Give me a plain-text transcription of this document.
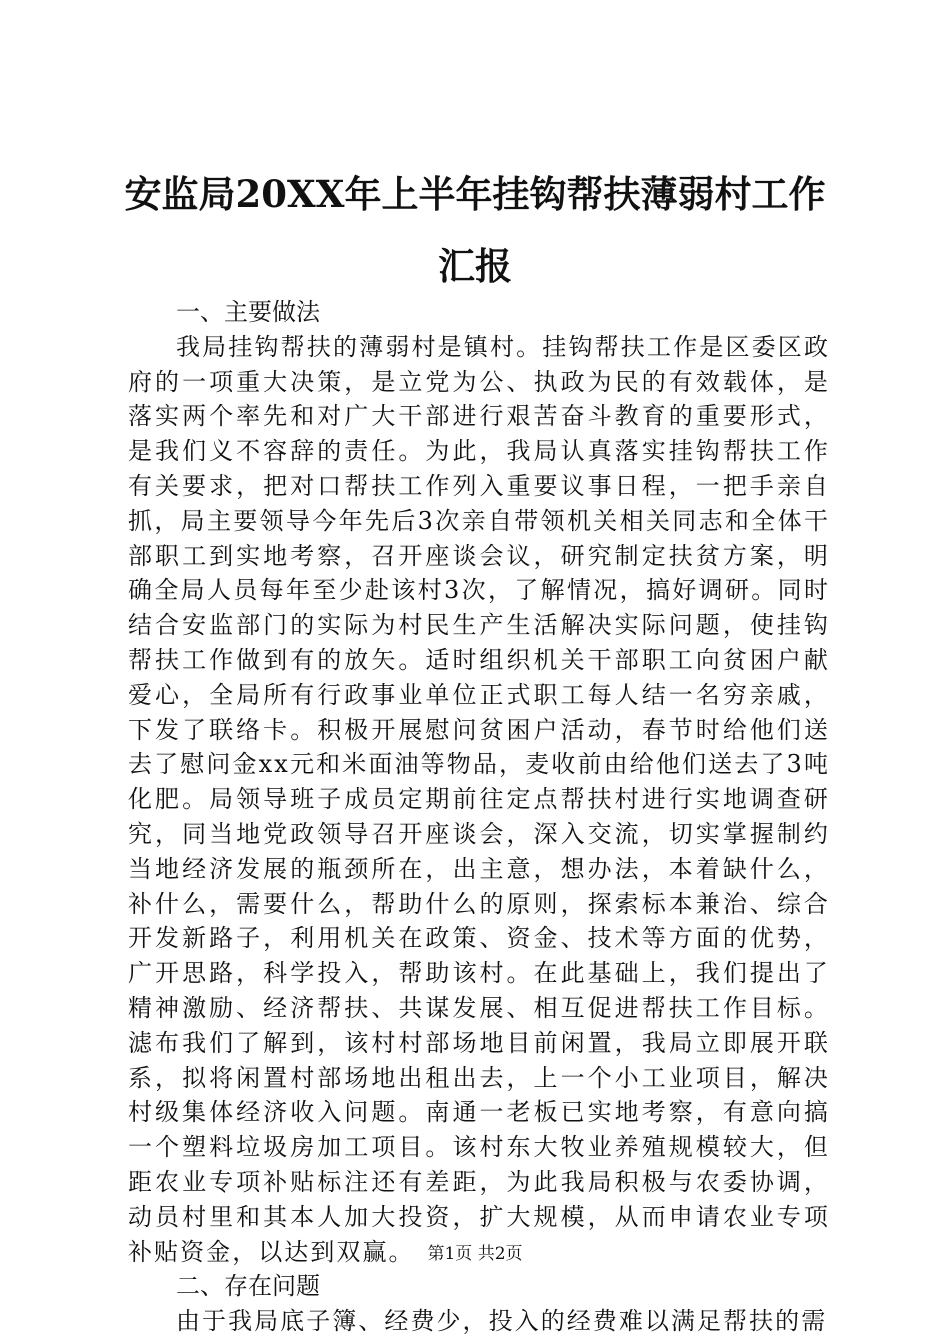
安监局20XX年上半年挂钩帮扶薄弱村工作汇报

一、主要做法

我局挂钩帮扶的薄弱村是镇村。挂钩帮扶工作是区委区政府的一项重大决策，是立党为公、执政为民的有效载体，是落实两个率先和对广大干部进行艰苦奋斗教育的重要形式，是我们义不容辞的责任。为此，我局认真落实挂钩帮扶工作有关要求，把对口帮扶工作列入重要议事日程，一把手亲自抓，局主要领导今年先后3次亲自带领机关相关同志和全体干部职工到实地考察，召开座谈会议，研究制定扶贫方案，明确全局人员每年至少赴该村3次，了解情况，搞好调研。同时结合安监部门的实际为村民生产生活解决实际问题，使挂钩帮扶工作做到有的放矢。适时组织机关干部职工向贫困户献爱心，全局所有行政事业单位正式职工每人结一名穷亲戚，下发了联络卡。积极开展慰问贫困户活动，春节时给他们送去了慰问金xx元和米面油等物品，麦收前由给他们送去了3吨化肥。局领导班子成员定期前往定点帮扶村进行实地调查研究，同当地党政领导召开座谈会，深入交流，切实掌握制约当地经济发展的瓶颈所在，出主意，想办法，本着缺什么，补什么，需要什么，帮助什么的原则，探索标本兼治、综合开发新路子，利用机关在政策、资金、技术等方面的优势，广开思路，科学投入，帮助该村。在此基础上，我们提出了精神激励、经济帮扶、共谋发展、相互促进帮扶工作目标。滤布我们了解到，该村村部场地目前闲置，我局立即展开联系，拟将闲置村部场地出租出去，上一个小工业项目，解决村级集体经济收入问题。南通一老板已实地考察，有意向搞一个塑料垃圾房加工项目。该村东大牧业养殖规模较大，但距农业专项补贴标注还有差距，为此我局积极与农委协调，动员村里和其本人加大投资，扩大规模，从而申请农业专项补贴资金，以达到双赢。

二、存在问题

由于我局底子簿、经费少，投入的经费难以满足帮扶的需

第1页 共2页
